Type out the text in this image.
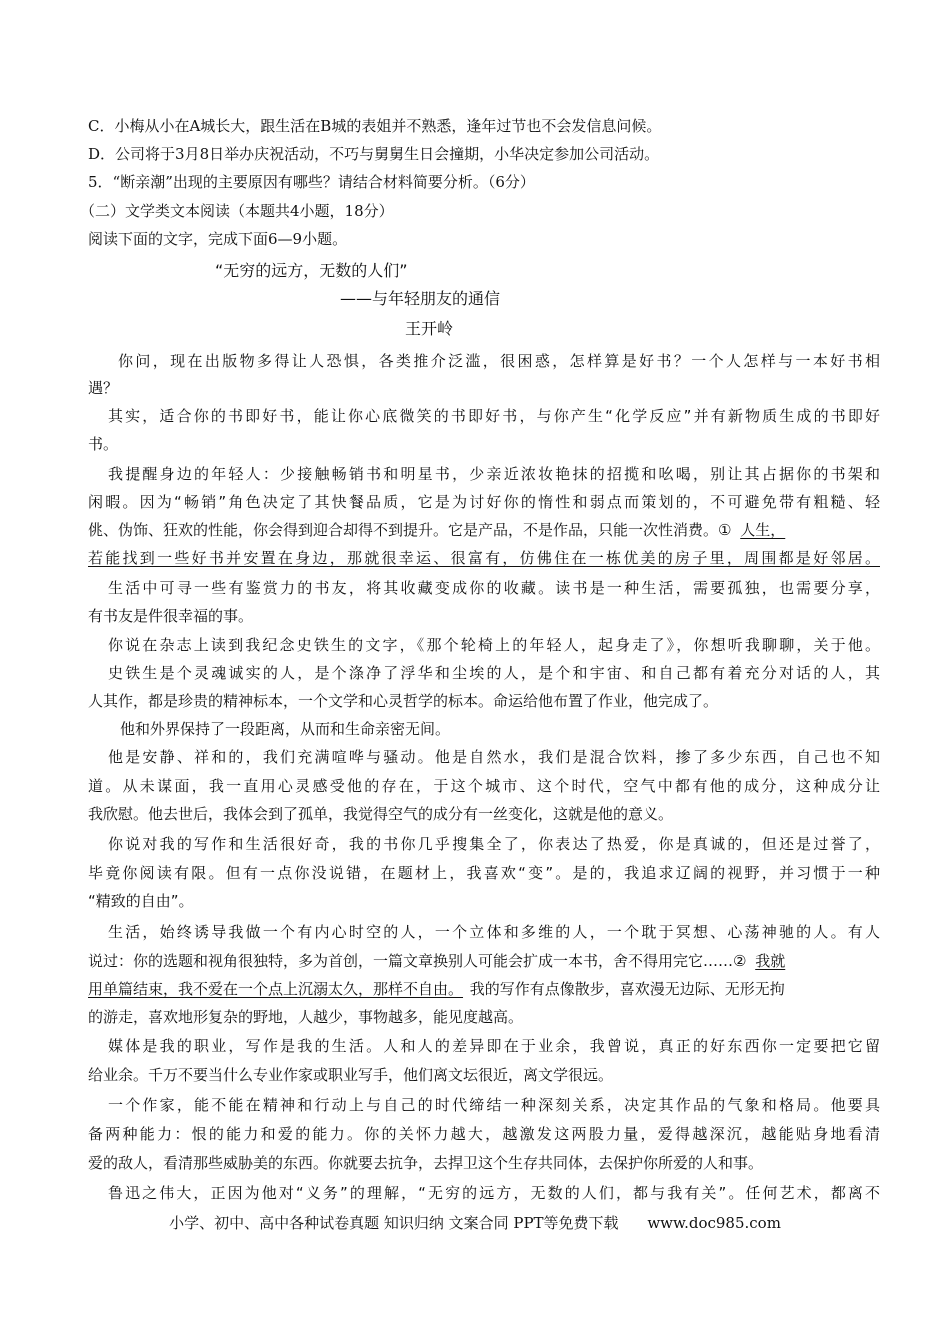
C．小梅从小在A城长大，跟生活在B城的表姐并不熟悉，逢年过节也不会发信息问候。
D．公司将于3月8日举办庆祝活动，不巧与舅舅生日会撞期，小华决定参加公司活动。
5．“断亲潮”出现的主要原因有哪些？请结合材料简要分析。（6分）
（二）文学类文本阅读（本题共4小题，18分）
阅读下面的文字，完成下面6—9小题。
“无穷的远方，无数的人们”
——与年轻朋友的通信
王开岭
你问，现在出版物多得让人恐惧，各类推介泛滥，很困惑，怎样算是好书？一个人怎样与一本好书相
遇？
其实，适合你的书即好书，能让你心底微笑的书即好书，与你产生“化学反应”并有新物质生成的书即好
书。
我提醒身边的年轻人：少接触畅销书和明星书，少亲近浓妆艳抹的招揽和吆喝，别让其占据你的书架和
闲暇。因为“畅销”角色决定了其快餐品质，它是为讨好你的惰性和弱点而策划的，不可避免带有粗糙、轻
佻、伪饰、狂欢的性能，你会得到迎合却得不到提升。它是产品，不是作品，只能一次性消费。① 人生，
若能找到一些好书并安置在身边，那就很幸运、很富有，仿佛住在一栋优美的房子里，周围都是好邻居。
生活中可寻一些有鉴赏力的书友，将其收藏变成你的收藏。读书是一种生活，需要孤独，也需要分享，
有书友是件很幸福的事。
你说在杂志上读到我纪念史铁生的文字，《那个轮椅上的年轻人，起身走了》，你想听我聊聊，关于他。
史铁生是个灵魂诚实的人，是个涤净了浮华和尘埃的人，是个和宇宙、和自己都有着充分对话的人，其
人其作，都是珍贵的精神标本，一个文学和心灵哲学的标本。命运给他布置了作业，他完成了。
他和外界保持了一段距离，从而和生命亲密无间。
他是安静、祥和的，我们充满喧哗与骚动。他是自然水，我们是混合饮料，掺了多少东西，自己也不知
道。从未谋面，我一直用心灵感受他的存在，于这个城市、这个时代，空气中都有他的成分，这种成分让
我欣慰。他去世后，我体会到了孤单，我觉得空气的成分有一丝变化，这就是他的意义。
你说对我的写作和生活很好奇，我的书你几乎搜集全了，你表达了热爱，你是真诚的，但还是过誉了，
毕竟你阅读有限。但有一点你没说错，在题材上，我喜欢“变”。是的，我追求辽阔的视野，并习惯于一种
“精致的自由”。
生活，始终诱导我做一个有内心时空的人，一个立体和多维的人，一个耽于冥想、心荡神驰的人。有人
说过：你的选题和视角很独特，多为首创，一篇文章换别人可能会扩成一本书，舍不得用完它……② 我就
用单篇结束，我不爱在一个点上沉溺太久，那样不自由。 我的写作有点像散步，喜欢漫无边际、无形无拘
的游走，喜欢地形复杂的野地，人越少，事物越多，能见度越高。
媒体是我的职业，写作是我的生活。人和人的差异即在于业余，我曾说，真正的好东西你一定要把它留
给业余。千万不要当什么专业作家或职业写手，他们离文坛很近，离文学很远。
一个作家，能不能在精神和行动上与自己的时代缔结一种深刻关系，决定其作品的气象和格局。他要具
备两种能力：恨的能力和爱的能力。你的关怀力越大，越激发这两股力量，爱得越深沉，越能贴身地看清
爱的敌人，看清那些威胁美的东西。你就要去抗争，去捍卫这个生存共同体，去保护你所爱的人和事。
鲁迅之伟大，正因为他对“义务”的理解，“无穷的远方，无数的人们，都与我有关”。任何艺术，都离不
小学、初中、高中各种试卷真题 知识归纳 文案合同 PPT等免费下载 www.doc985.com
